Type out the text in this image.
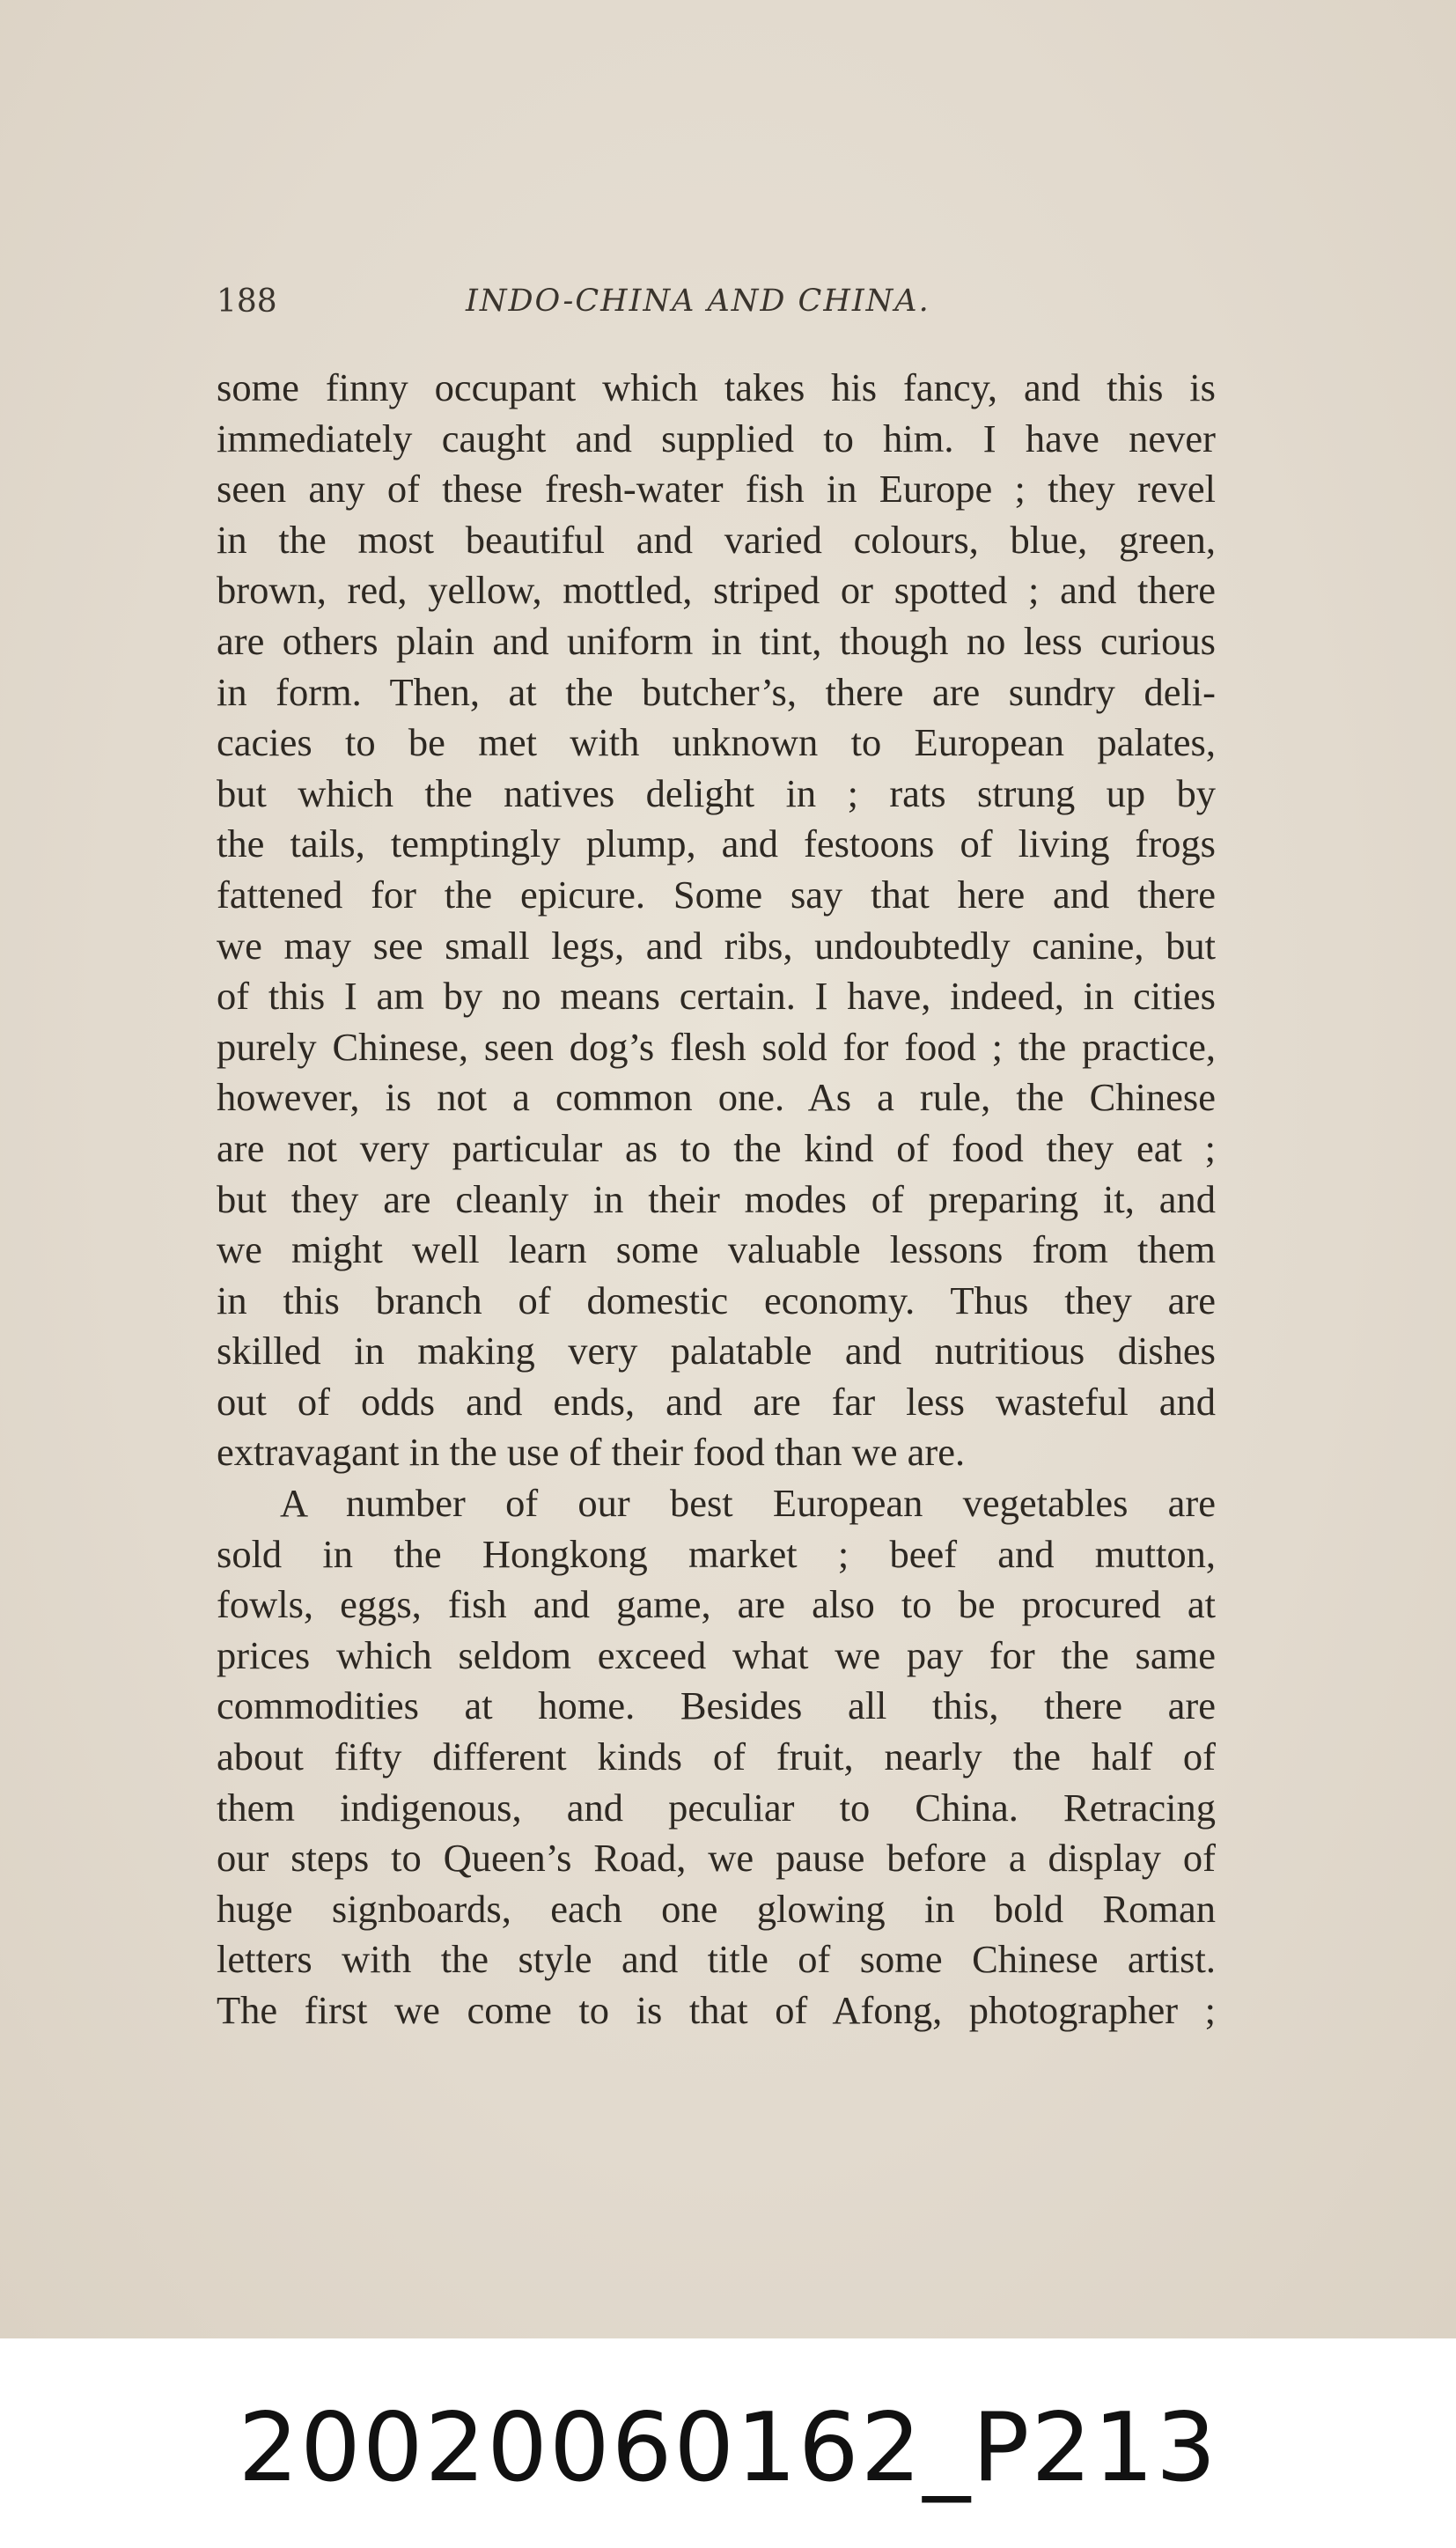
188	INDO-CHINA AND CHINA.
some finny occupant which takes his fancy, and this is
immediately caught and supplied to him. I have never
seen any of these fresh-water fish in Europe ; they revel
in the most beautiful and varied colours, blue, green,
brown, red, yellow, mottled, striped or spotted ; and there
are others plain and uniform in tint, though no less curious
in form. Then, at the butcher’s, there are sundry deli-
cacies to be met with unknown to European palates,
but which the natives delight in ; rats strung up by
the tails, temptingly plump, and festoons of living frogs
fattened for the epicure. Some say that here and there
we may see small legs, and ribs, undoubtedly canine, but
of this I am by no means certain. I have, indeed, in cities
purely Chinese, seen dog’s flesh sold for food ; the practice,
however, is not a common one. As a rule, the Chinese
are not very particular as to the kind of food they eat ;
but they are cleanly in their modes of preparing it, and
we might well learn some valuable lessons from them
in this branch of domestic economy. Thus they are
skilled in making very palatable and nutritious dishes
out of odds and ends, and are far less wasteful and
extravagant in the use of their food than we are.
A number of our best European vegetables are
sold in the Hongkong market ; beef and mutton,
fowls, eggs, fish and game, are also to be procured at
prices which seldom exceed what we pay for the same
commodities at home. Besides all this, there are
about fifty different kinds of fruit, nearly the half of
them indigenous, and peculiar to China. Retracing
our steps to Queen’s Road, we pause before a display of
huge signboards, each one glowing in bold Roman
letters with the style and title of some Chinese artist.
The first we come to is that of Afong, photographer ;
20020060162_P213
